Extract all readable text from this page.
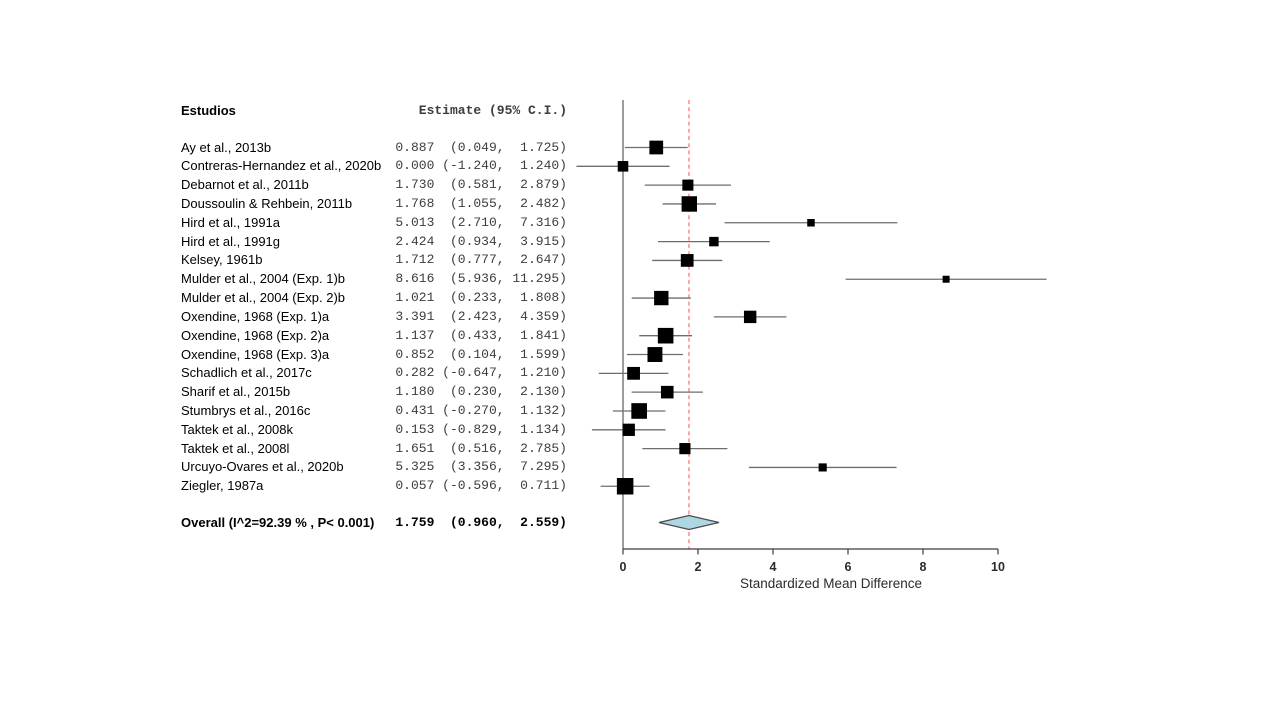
Estudios	Estimate (95% C.I.)
Ay et al., 2013b	0.887  (0.049,  1.725)
Contreras-Hernandez et al., 2020b	0.000 (-1.240,  1.240)
Debarnot et al., 2011b	1.730  (0.581,  2.879)
Doussoulin & Rehbein, 2011b	1.768  (1.055,  2.482)
Hird et al., 1991a	5.013  (2.710,  7.316)
Hird et al., 1991g	2.424  (0.934,  3.915)
Kelsey, 1961b	1.712  (0.777,  2.647)
Mulder et al., 2004 (Exp. 1)b	8.616  (5.936, 11.295)
Mulder et al., 2004 (Exp. 2)b	1.021  (0.233,  1.808)
Oxendine, 1968 (Exp. 1)a	3.391  (2.423,  4.359)
Oxendine, 1968 (Exp. 2)a	1.137  (0.433,  1.841)
Oxendine, 1968 (Exp. 3)a	0.852  (0.104,  1.599)
Schadlich et al., 2017c	0.282 (-0.647,  1.210)
Sharif et al., 2015b	1.180  (0.230,  2.130)
Stumbrys et al., 2016c	0.431 (-0.270,  1.132)
Taktek et al., 2008k	0.153 (-0.829,  1.134)
Taktek et al., 2008l	1.651  (0.516,  2.785)
Urcuyo-Ovares et al., 2020b	5.325  (3.356,  7.295)
Ziegler, 1987a	0.057 (-0.596,  0.711)
Overall (I^2=92.39 % , P< 0.001)	1.759  (0.960,  2.559)
0	2	4	6	8	10
Standardized Mean Difference
